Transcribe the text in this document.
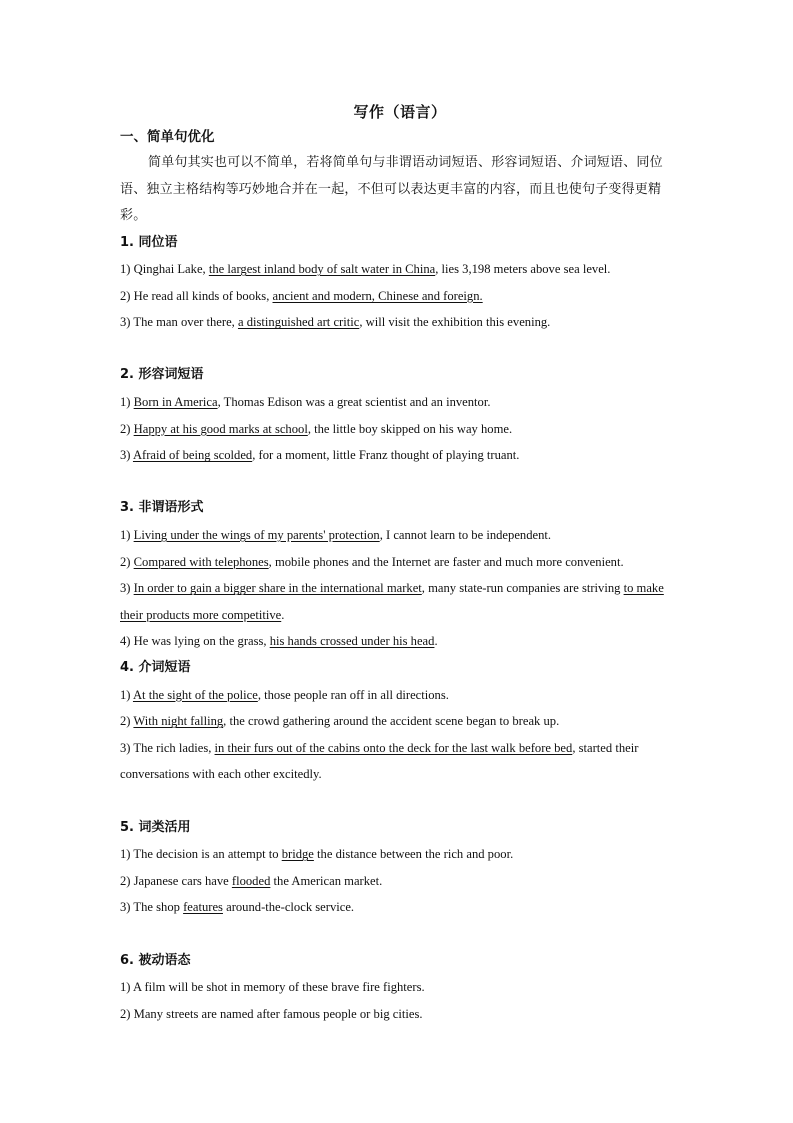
写作（语言）
一、简单句优化

简单句其实也可以不简单，若将简单句与非谓语动词短语、形容词短语、介词短语、同位语、独立主格结构等巧妙地合并在一起，不但可以表达更丰富的内容，而且也使句子变得更精彩。

1. 同位语

1) Qinghai Lake, the largest inland body of salt water in China, lies 3,198 meters above sea level.

2) He read all kinds of books, ancient and modern, Chinese and foreign.

3) The man over there, a distinguished art critic, will visit the exhibition this evening.

2. 形容词短语

1) Born in America, Thomas Edison was a great scientist and an inventor.

2) Happy at his good marks at school, the little boy skipped on his way home.

3) Afraid of being scolded, for a moment, little Franz thought of playing truant.

3. 非谓语形式

1) Living under the wings of my parents' protection, I cannot learn to be independent.

2) Compared with telephones, mobile phones and the Internet are faster and much more convenient.

3) In order to gain a bigger share in the international market, many state-run companies are striving to make their products more competitive.

4) He was lying on the grass, his hands crossed under his head.

4. 介词短语

1) At the sight of the police, those people ran off in all directions.

2) With night falling, the crowd gathering around the accident scene began to break up.

3) The rich ladies, in their furs out of the cabins onto the deck for the last walk before bed, started their conversations with each other excitedly.

5. 词类活用

1) The decision is an attempt to bridge the distance between the rich and poor.

2) Japanese cars have flooded the American market.

3) The shop features around-the-clock service.

6. 被动语态

1) A film will be shot in memory of these brave fire fighters.

2) Many streets are named after famous people or big cities.
